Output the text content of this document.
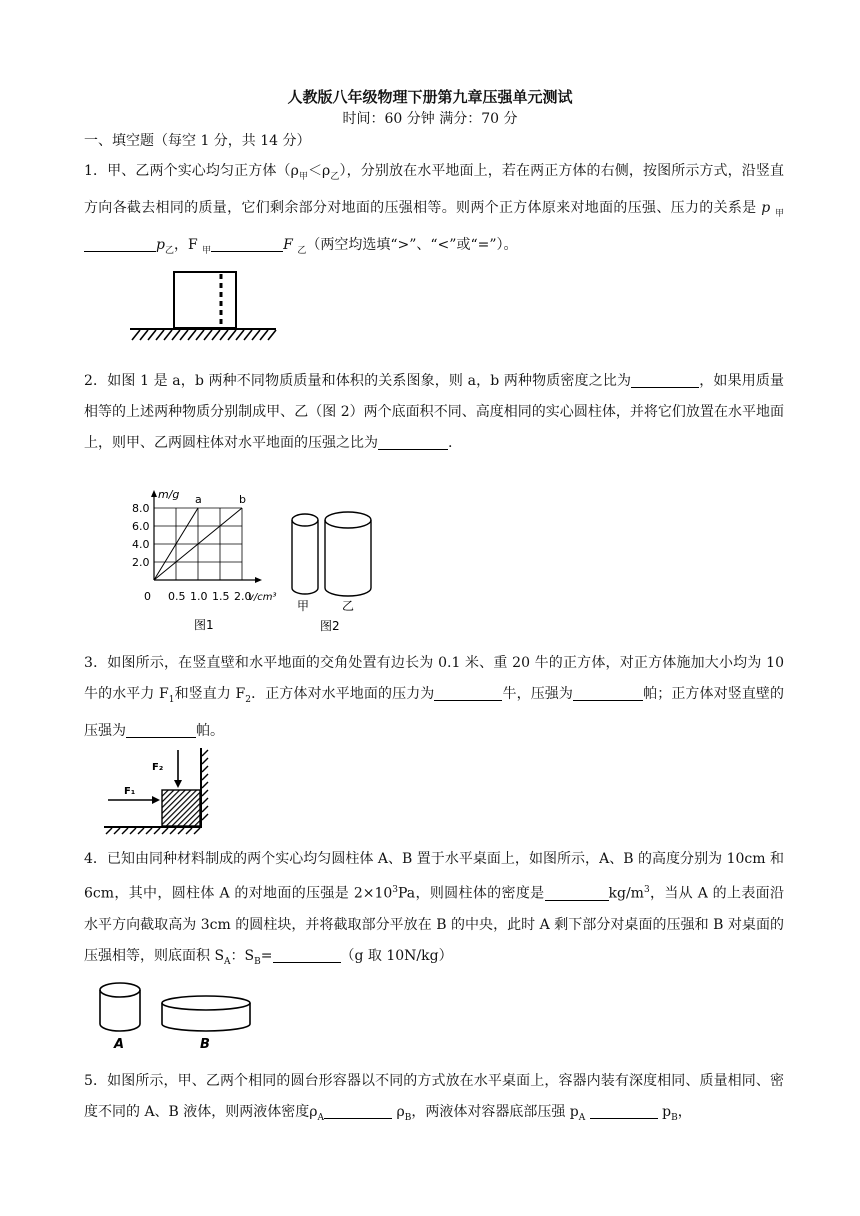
人教版八年级物理下册第九章压强单元测试
时间：60 分钟 满分：70 分
一、填空题（每空 1 分，共 14 分）
1．甲、乙两个实心均匀正方体$(\rho_甲<\rho_乙)$，分别放在水平地面上，若在两正方体的右侧，按图所示方式，沿竖直方向各截去相同的质量，它们剩余部分对地面的压强相等。则两个正方体原来对地面的压强、压力的关系是 p $_甲p_乙$，F $_甲$	F $_乙$（两空均选填“>”、“<”或“=”）。
2．如图 1 是 a，b 两种不同物质质量和体积的关系图象，则 a，b 两种物质密度之比为	，如果用质量相等的上述两种物质分别制成甲、乙（图 2）两个底面积不同、高度相同的实心圆柱体，并将它们放置在水平地面上，则甲、乙两圆柱体对水平地面的压强之比为	.
a	b
0.5 1.0 1.5 2.0
2.0
4.0
6.0
8.0
0
m/g
v/cm³
图1
甲	乙
图2
3．如图所示，在竖直壁和水平地面的交角处置有边长为 0.1 米、重 20 牛的正方体，对正方体施加大小均为 10 牛的水平力 $F_1$和竖直力 $F_2$．正方体对水平地面的压力为	牛，压强为	帕；正方体对竖直壁的压强为	帕。
F₁
F₂
4．已知由同种材料制成的两个实心均匀圆柱体 A、B 置于水平桌面上，如图所示，A、B 的高度分别为 10cm 和 6cm，其中，圆柱体 A 的对地面的压强是 $2\times 10^3Pa$，则圆柱体的密度是	$kg/m^3$，当从 A 的上表面沿水平方向截取高为 3cm 的圆柱块，并将截取部分平放在 B 的中央，此时 A 剩下部分对桌面的压强和 B 对桌面的压强相等，则底面积 $S_A$：$S_B=$	（g 取 10N/kg）
A	B
5．如图所示，甲、乙两个相同的圆台形容器以不同的方式放在水平桌面上，容器内装有深度相同、质量相同、密度不同的 A、B 液体，则两液体密度$\rho_A$	$\rho_B$，两液体对容器底部压强 $p_A$	$p_B$，
